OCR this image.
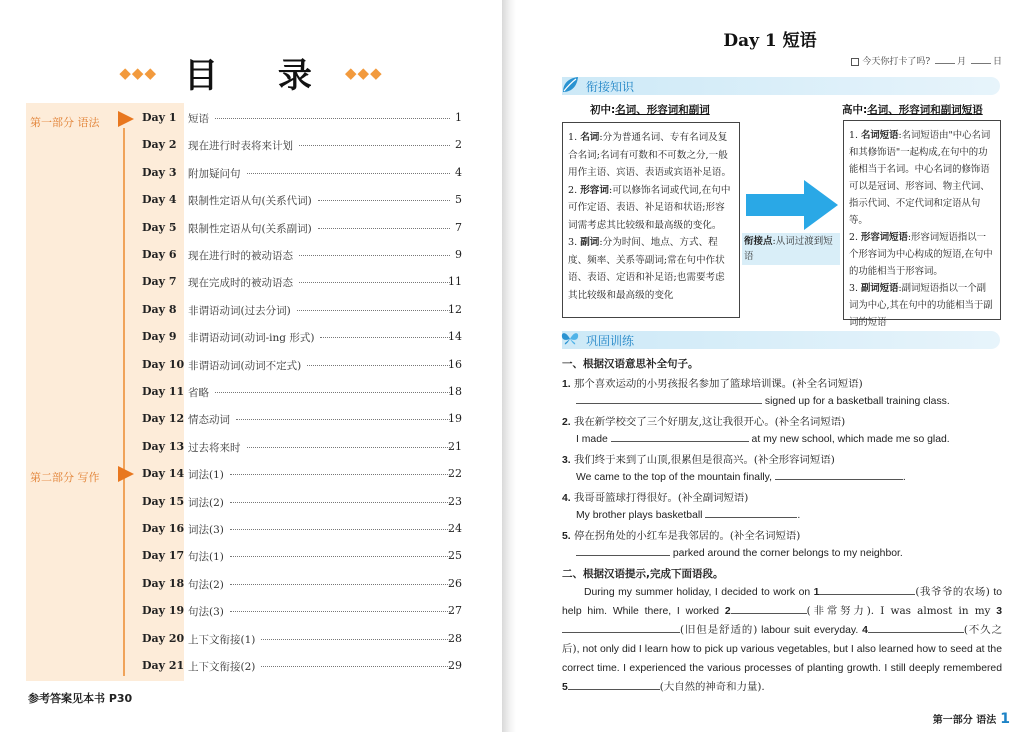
◆◆◆ 目 录 ◆◆◆
第一部分 语法
第二部分 写作
Day 1 短语	1
Day 2 现在进行时表将来计划	2
Day 3 附加疑问句	4
Day 4 限制性定语从句(关系代词)	5
Day 5 限制性定语从句(关系副词)	7
Day 6 现在进行时的被动语态	9
Day 7 现在完成时的被动语态	11
Day 8 非谓语动词(过去分词)	12
Day 9 非谓语动词(动词-ing 形式)	14
Day 10 非谓语动词(动词不定式)	16
Day 11 省略	18
Day 12 情态动词	19
Day 13 过去将来时	21
Day 14 词法(1)	22
Day 15 词法(2)	23
Day 16 词法(3)	24
Day 17 句法(1)	25
Day 18 句法(2)	26
Day 19 句法(3)	27
Day 20 上下文衔接(1)	28
Day 21 上下文衔接(2)	29
参考答案见本书 P30
Day 1 短语
今天你打卡了吗?	月	日
衔接知识
初中:名词、形容词和副词	高中:名词、形容词和副词短语
1. 名词:分为普通名词、专有名词及复合名词;名词有可数和不可数之分,一般用作主语、宾语、表语或宾语补足语。
2. 形容词:可以修饰名词或代词,在句中可作定语、表语、补足语和状语;形容词需考虑其比较级和最高级的变化。
3. 副词:分为时间、地点、方式、程度、频率、关系等副词;常在句中作状语、表语、定语和补足语;也需要考虑其比较级和最高级的变化
衔接点:从词过渡到短语
1. 名词短语:名词短语由"中心名词和其修饰语"一起构成,在句中的功能相当于名词。中心名词的修饰语可以是冠词、形容词、物主代词、指示代词、不定代词和定语从句等。
2. 形容词短语:形容词短语指以一个形容词为中心构成的短语,在句中的功能相当于形容词。
3. 副词短语:副词短语指以一个副词为中心,其在句中的功能相当于副词的短语
巩固训练
一、根据汉语意思补全句子。
1. 那个喜欢运动的小男孩报名参加了篮球培训课。(补全名词短语)
signed up for a basketball training class.
2. 我在新学校交了三个好朋友,这让我很开心。(补全名词短语)
I made	at my new school, which made me so glad.
3. 我们终于来到了山顶,很累但是很高兴。(补全形容词短语)
We came to the top of the mountain finally,	.
4. 我哥哥篮球打得很好。(补全副词短语)
My brother plays basketball	.
5. 停在拐角处的小红车是我邻居的。(补全名词短语)
parked around the corner belongs to my neighbor.
二、根据汉语提示,完成下面语段。
During my summer holiday, I decided to work on 1	(我爷爷的农场) to help him. While there, I worked 2	(非常努力). I was almost in my 3(旧但是舒适的) labour suit everyday. 4	(不久之后), not only did I learn how to pick up various vegetables, but I also learned how to seed at the correct time. I experienced the various processes of planting growth. I still deeply remembered 5	(大自然的神奇和力量).
第一部分 语法 1
